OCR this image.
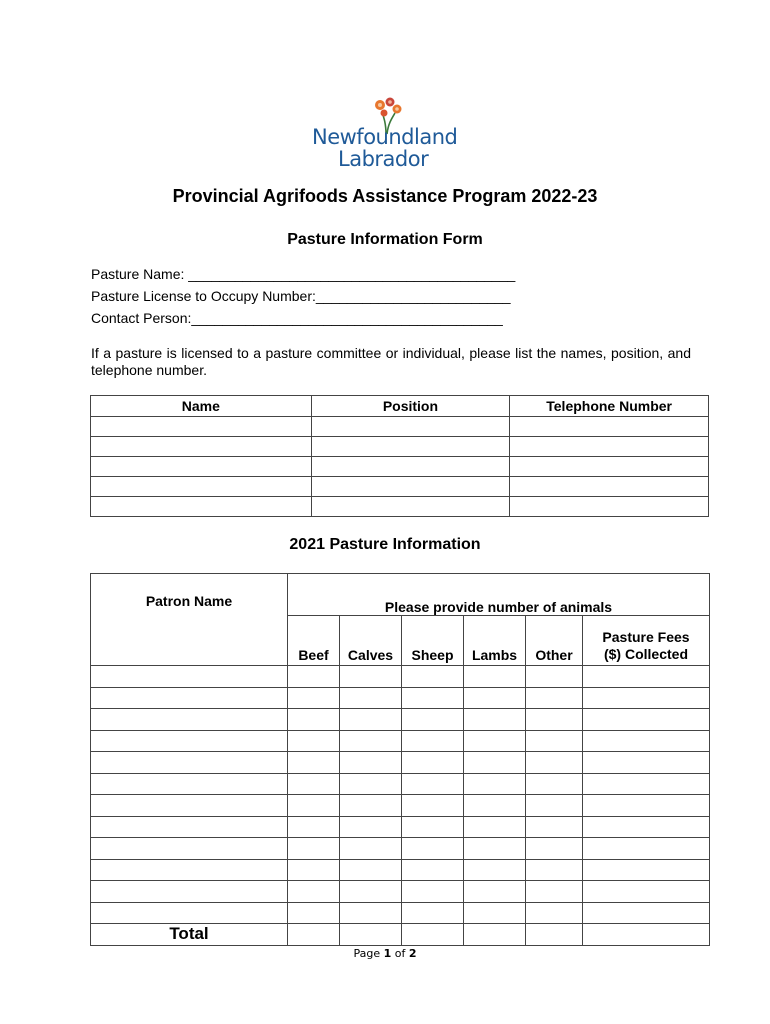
Newfoundland
Labrador
Provincial Agrifoods Assistance Program 2022-23
Pasture Information Form
Pasture Name: __________________________________________
Pasture License to Occupy Number:_________________________
Contact Person:________________________________________
If a pasture is licensed to a pasture committee or individual, please list the names, position, and telephone number.
Name	Position	Telephone Number

2021 Pasture Information
Patron Name	Please provide number of animals					
	Beef	Calves	Sheep	Lambs	Other	Pasture Fees
($) Collected

Total						
Page 1 of 2
